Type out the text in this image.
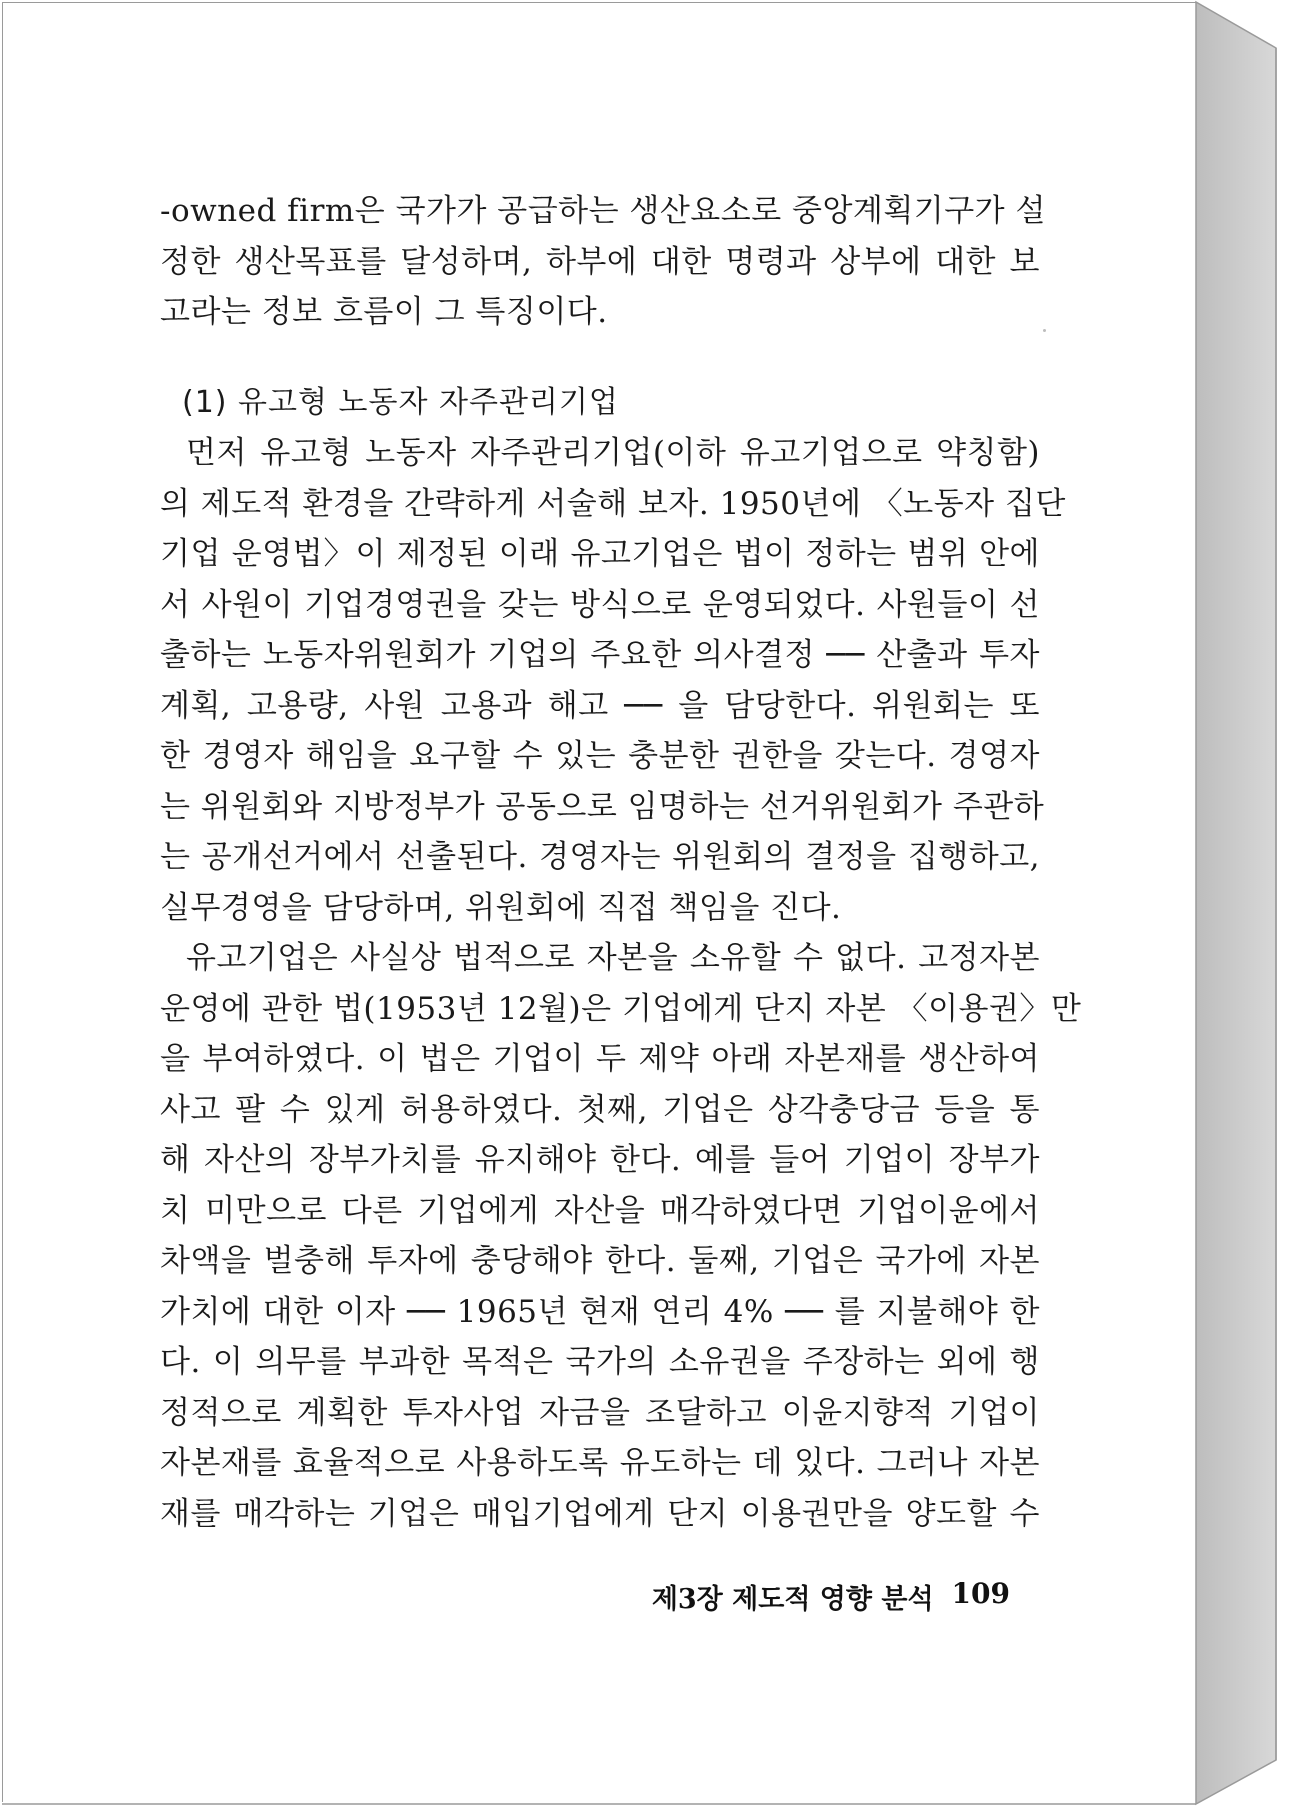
-owned firm은 국가가 공급하는 생산요소로 중앙계획기구가 설
정한 생산목표를 달성하며, 하부에 대한 명령과 상부에 대한 보
고라는 정보 흐름이 그 특징이다.
(1) 유고형 노동자 자주관리기업
먼저 유고형 노동자 자주관리기업(이하 유고기업으로 약칭함)
의 제도적 환경을 간략하게 서술해 보자. 1950년에 〈노동자 집단
기업 운영법〉이 제정된 이래 유고기업은 법이 정하는 범위 안에
서 사원이 기업경영권을 갖는 방식으로 운영되었다. 사원들이 선
출하는 노동자위원회가 기업의 주요한 의사결정 ── 산출과 투자
계획, 고용량, 사원 고용과 해고 ── 을 담당한다. 위원회는 또
한 경영자 해임을 요구할 수 있는 충분한 권한을 갖는다. 경영자
는 위원회와 지방정부가 공동으로 임명하는 선거위원회가 주관하
는 공개선거에서 선출된다. 경영자는 위원회의 결정을 집행하고,
실무경영을 담당하며, 위원회에 직접 책임을 진다.
유고기업은 사실상 법적으로 자본을 소유할 수 없다. 고정자본
운영에 관한 법(1953년 12월)은 기업에게 단지 자본 〈이용권〉만
을 부여하였다. 이 법은 기업이 두 제약 아래 자본재를 생산하여
사고 팔 수 있게 허용하였다. 첫째, 기업은 상각충당금 등을 통
해 자산의 장부가치를 유지해야 한다. 예를 들어 기업이 장부가
치 미만으로 다른 기업에게 자산을 매각하였다면 기업이윤에서
차액을 벌충해 투자에 충당해야 한다. 둘째, 기업은 국가에 자본
가치에 대한 이자 ── 1965년 현재 연리 4% ── 를 지불해야 한
다. 이 의무를 부과한 목적은 국가의 소유권을 주장하는 외에 행
정적으로 계획한 투자사업 자금을 조달하고 이윤지향적 기업이
자본재를 효율적으로 사용하도록 유도하는 데 있다. 그러나 자본
재를 매각하는 기업은 매입기업에게 단지 이용권만을 양도할 수
제3장 제도적 영향 분석 109
